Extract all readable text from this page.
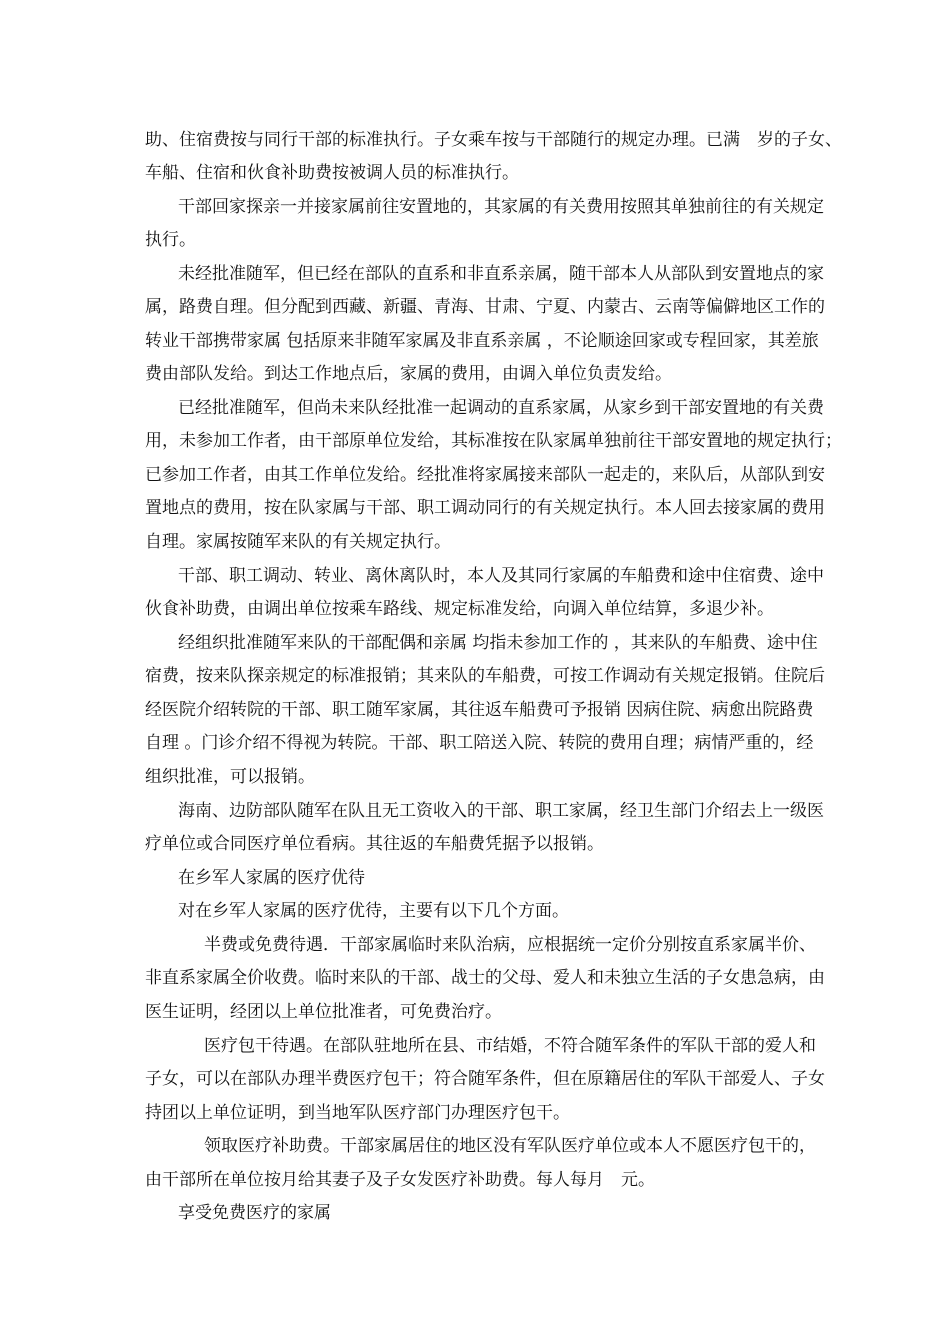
助、住宿费按与同行干部的标准执行。子女乘车按与干部随行的规定办理。已满　岁的子女、
车船、住宿和伙食补助费按被调人员的标准执行。
干部回家探亲一并接家属前往安置地的，其家属的有关费用按照其单独前往的有关规定
执行。
未经批准随军，但已经在部队的直系和非直系亲属，随干部本人从部队到安置地点的家
属，路费自理。但分配到西藏、新疆、青海、甘肃、宁夏、内蒙古、云南等偏僻地区工作的
转业干部携带家属 包括原来非随军家属及非直系亲属 ，不论顺途回家或专程回家，其差旅
费由部队发给。到达工作地点后，家属的费用，由调入单位负责发给。
已经批准随军，但尚未来队经批准一起调动的直系家属，从家乡到干部安置地的有关费
用，未参加工作者，由干部原单位发给，其标准按在队家属单独前往干部安置地的规定执行；
已参加工作者，由其工作单位发给。经批准将家属接来部队一起走的，来队后，从部队到安
置地点的费用，按在队家属与干部、职工调动同行的有关规定执行。本人回去接家属的费用
自理。家属按随军来队的有关规定执行。
干部、职工调动、转业、离休离队时，本人及其同行家属的车船费和途中住宿费、途中
伙食补助费，由调出单位按乘车路线、规定标准发给，向调入单位结算，多退少补。
经组织批准随军来队的干部配偶和亲属 均指未参加工作的 ，其来队的车船费、途中住
宿费，按来队探亲规定的标准报销；其来队的车船费，可按工作调动有关规定报销。住院后
经医院介绍转院的干部、职工随军家属，其往返车船费可予报销 因病住院、病愈出院路费
自理 。门诊介绍不得视为转院。干部、职工陪送入院、转院的费用自理；病情严重的，经
组织批准，可以报销。
海南、边防部队随军在队且无工资收入的干部、职工家属，经卫生部门介绍去上一级医
疗单位或合同医疗单位看病。其往返的车船费凭据予以报销。
在乡军人家属的医疗优待
对在乡军人家属的医疗优待，主要有以下几个方面。
半费或免费待遇．干部家属临时来队治病，应根据统一定价分别按直系家属半价、
非直系家属全价收费。临时来队的干部、战士的父母、爱人和未独立生活的子女患急病，由
医生证明，经团以上单位批准者，可免费治疗。
医疗包干待遇。在部队驻地所在县、市结婚，不符合随军条件的军队干部的爱人和
子女，可以在部队办理半费医疗包干；符合随军条件，但在原籍居住的军队干部爱人、子女
持团以上单位证明，到当地军队医疗部门办理医疗包干。
领取医疗补助费。干部家属居住的地区没有军队医疗单位或本人不愿医疗包干的，
由干部所在单位按月给其妻子及子女发医疗补助费。每人每月　元。
享受免费医疗的家属
